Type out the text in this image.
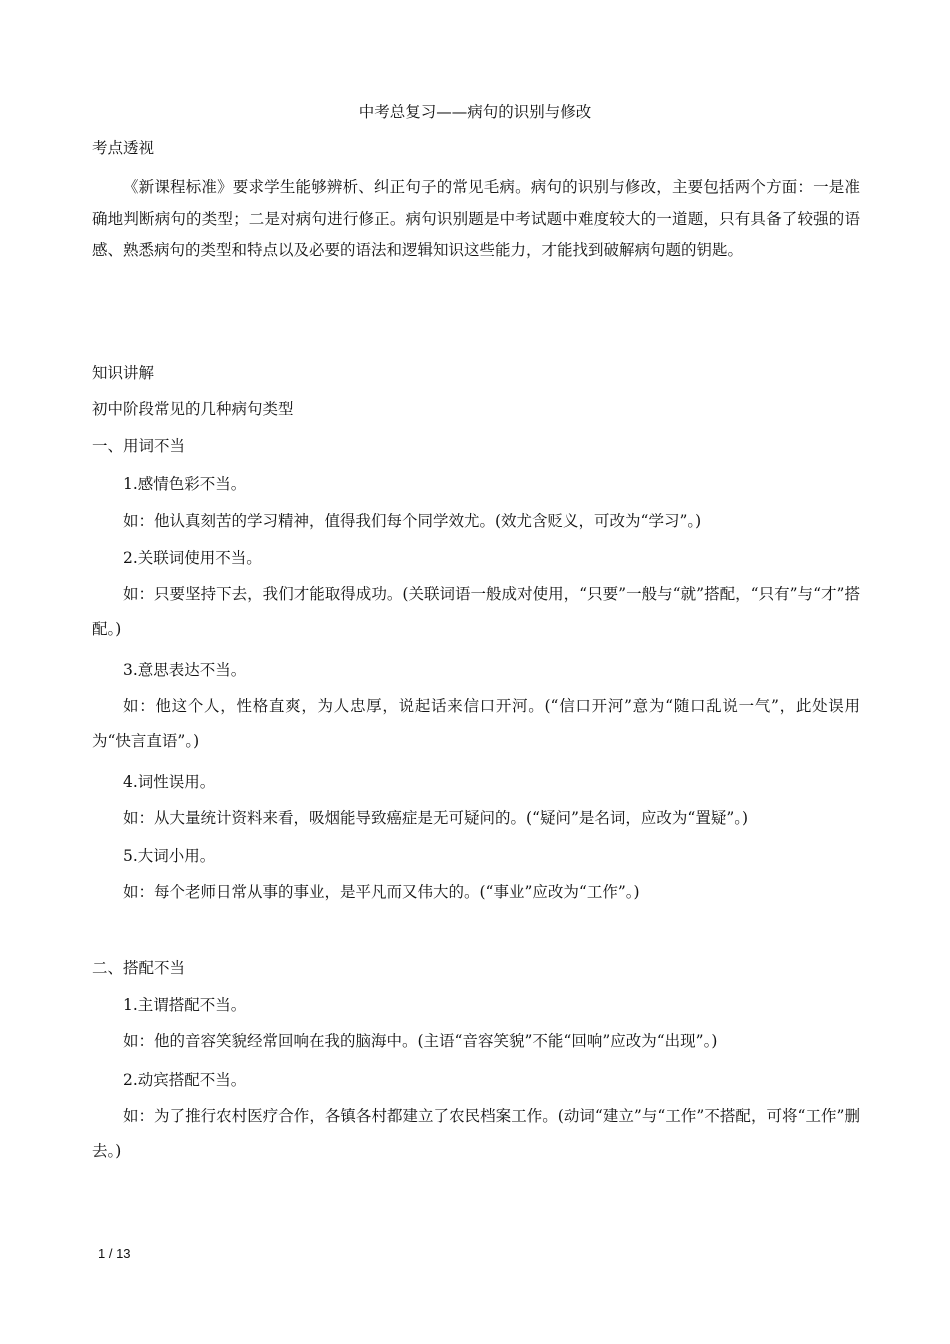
中考总复习——病句的识别与修改
考点透视

《新课程标准》要求学生能够辨析、纠正句子的常见毛病。病句的识别与修改，主要包括两个方面：一是准确地判断病句的类型；二是对病句进行修正。病句识别题是中考试题中难度较大的一道题，只有具备了较强的语感、熟悉病句的类型和特点以及必要的语法和逻辑知识这些能力，才能找到破解病句题的钥匙。

知识讲解
初中阶段常见的几种病句类型
一、用词不当
1.感情色彩不当。

如：他认真刻苦的学习精神，值得我们每个同学效尤。(效尤含贬义，可改为“学习”。)

2.关联词使用不当。

如：只要坚持下去，我们才能取得成功。(关联词语一般成对使用，“只要”一般与“就”搭配，“只有”与“才”搭配。)

3.意思表达不当。

如：他这个人，性格直爽，为人忠厚，说起话来信口开河。(“信口开河”意为“随口乱说一气”，此处误用为“快言直语”。)

4.词性误用。

如：从大量统计资料来看，吸烟能导致癌症是无可疑问的。(“疑问”是名词，应改为“置疑”。)

5.大词小用。

如：每个老师日常从事的事业，是平凡而又伟大的。(“事业”应改为“工作”。)

二、搭配不当
1.主谓搭配不当。

如：他的音容笑貌经常回响在我的脑海中。(主语“音容笑貌”不能“回响”应改为“出现”。)

2.动宾搭配不当。

如：为了推行农村医疗合作，各镇各村都建立了农民档案工作。(动词“建立”与“工作”不搭配，可将“工作”删去。)

1 / 13
